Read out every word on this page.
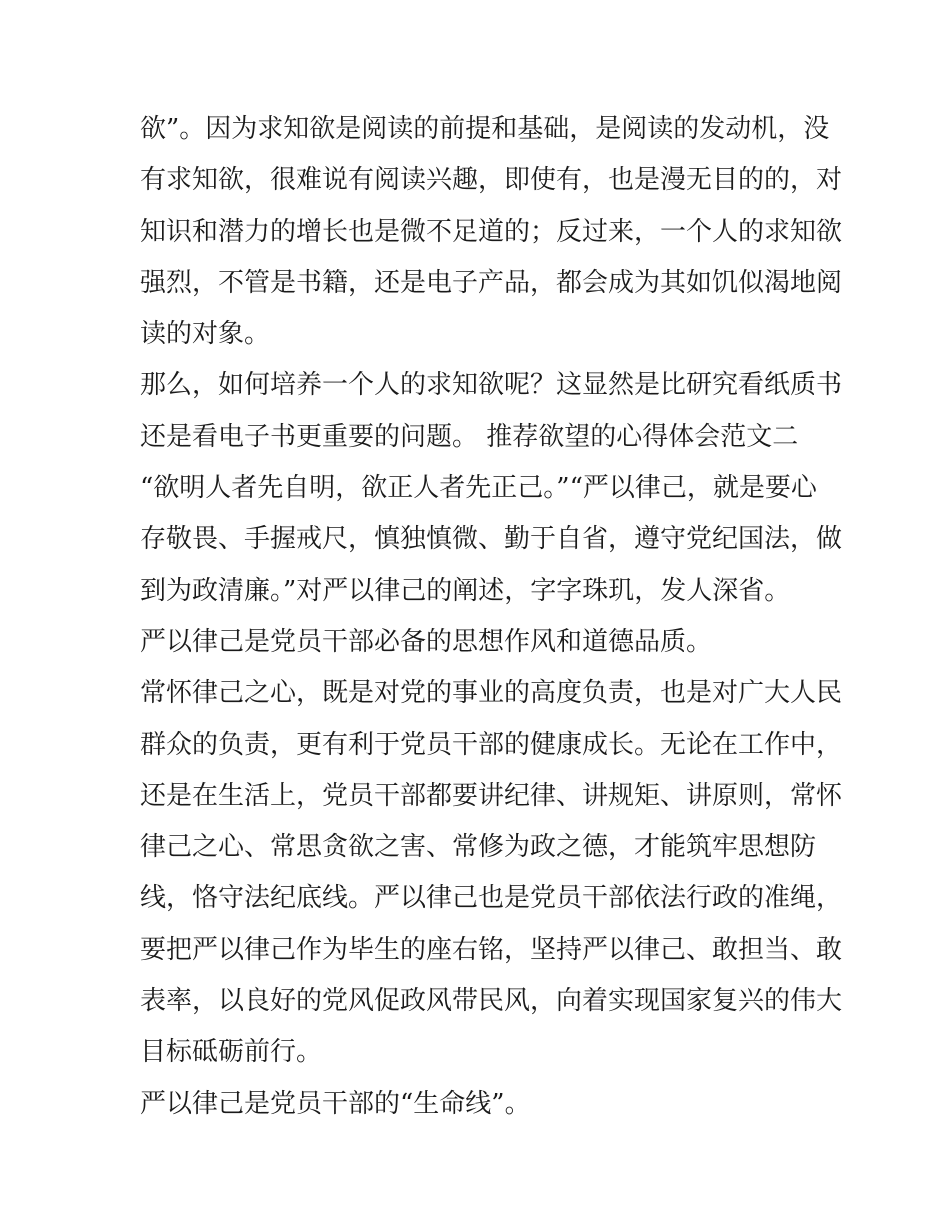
欲”。因为求知欲是阅读的前提和基础，是阅读的发动机，没
有求知欲，很难说有阅读兴趣，即使有，也是漫无目的的，对
知识和潜力的增长也是微不足道的；反过来，一个人的求知欲
强烈，不管是书籍，还是电子产品，都会成为其如饥似渴地阅
读的对象。
那么，如何培养一个人的求知欲呢？这显然是比研究看纸质书
还是看电子书更重要的问题。 推荐欲望的心得体会范文二
“欲明人者先自明，欲正人者先正己。”“严以律己，就是要心
存敬畏、手握戒尺，慎独慎微、勤于自省，遵守党纪国法，做
到为政清廉。”对严以律己的阐述，字字珠玑，发人深省。
严以律己是党员干部必备的思想作风和道德品质。
常怀律己之心，既是对党的事业的高度负责，也是对广大人民
群众的负责，更有利于党员干部的健康成长。无论在工作中，
还是在生活上，党员干部都要讲纪律、讲规矩、讲原则，常怀
律己之心、常思贪欲之害、常修为政之德，才能筑牢思想防
线，恪守法纪底线。严以律己也是党员干部依法行政的准绳，
要把严以律己作为毕生的座右铭，坚持严以律己、敢担当、敢
表率，以良好的党风促政风带民风，向着实现国家复兴的伟大
目标砥砺前行。
严以律己是党员干部的“生命线”。
